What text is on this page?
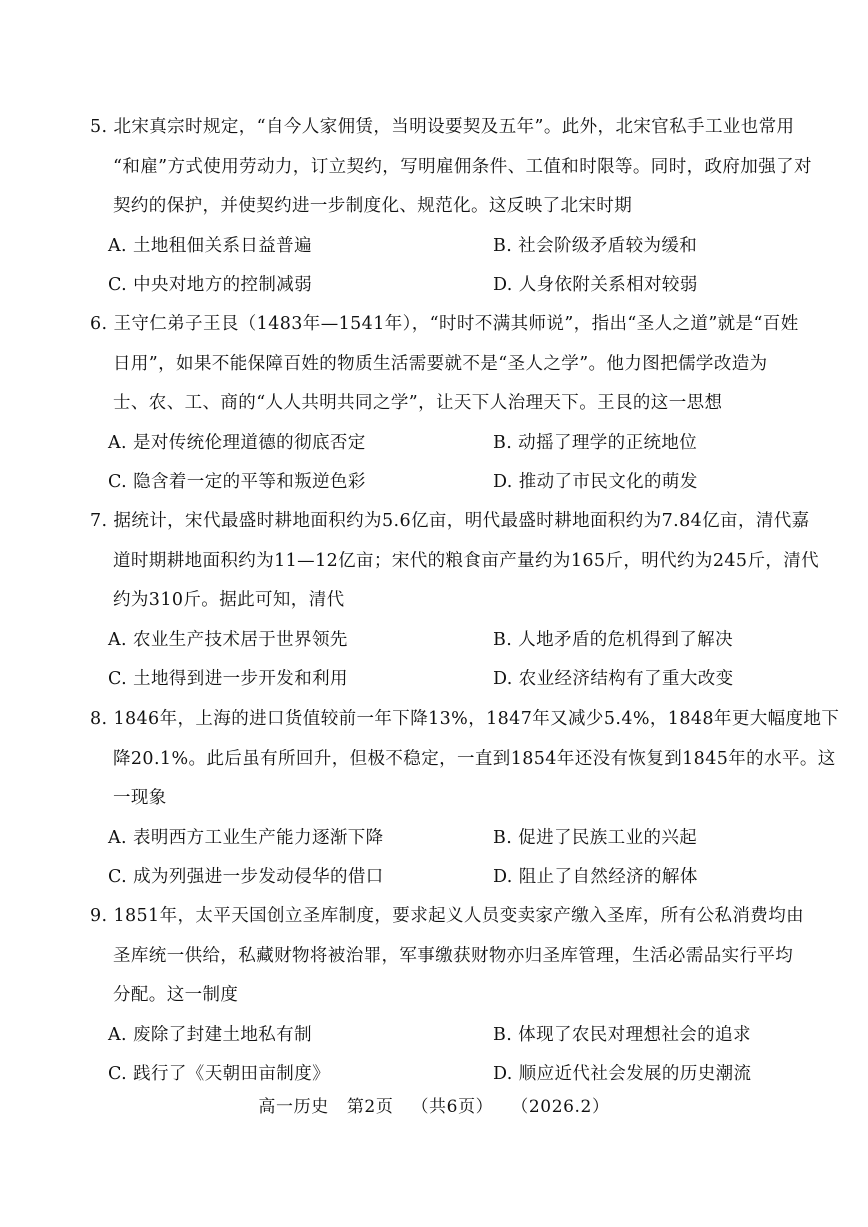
5. 北宋真宗时规定，“自今人家佣赁，当明设要契及五年”。此外，北宋官私手工业也常用
“和雇”方式使用劳动力，订立契约，写明雇佣条件、工值和时限等。同时，政府加强了对
契约的保护，并使契约进一步制度化、规范化。这反映了北宋时期
A. 土地租佃关系日益普遍	B. 社会阶级矛盾较为缓和
C. 中央对地方的控制减弱	D. 人身依附关系相对较弱
6. 王守仁弟子王艮（1483年—1541年），“时时不满其师说”，指出“圣人之道”就是“百姓
日用”，如果不能保障百姓的物质生活需要就不是“圣人之学”。他力图把儒学改造为
士、农、工、商的“人人共明共同之学”，让天下人治理天下。王艮的这一思想
A. 是对传统伦理道德的彻底否定	B. 动摇了理学的正统地位
C. 隐含着一定的平等和叛逆色彩	D. 推动了市民文化的萌发
7. 据统计，宋代最盛时耕地面积约为5.6亿亩，明代最盛时耕地面积约为7.84亿亩，清代嘉
道时期耕地面积约为11—12亿亩；宋代的粮食亩产量约为165斤，明代约为245斤，清代
约为310斤。据此可知，清代
A. 农业生产技术居于世界领先	B. 人地矛盾的危机得到了解决
C. 土地得到进一步开发和利用	D. 农业经济结构有了重大改变
8. 1846年，上海的进口货值较前一年下降13%，1847年又减少5.4%，1848年更大幅度地下
降20.1%。此后虽有所回升，但极不稳定，一直到1854年还没有恢复到1845年的水平。这
一现象
A. 表明西方工业生产能力逐渐下降	B. 促进了民族工业的兴起
C. 成为列强进一步发动侵华的借口	D. 阻止了自然经济的解体
9. 1851年，太平天国创立圣库制度，要求起义人员变卖家产缴入圣库，所有公私消费均由
圣库统一供给，私藏财物将被治罪，军事缴获财物亦归圣库管理，生活必需品实行平均
分配。这一制度
A. 废除了封建土地私有制	B. 体现了农民对理想社会的追求
C. 践行了《天朝田亩制度》	D. 顺应近代社会发展的历史潮流
高一历史   第2页   （共6页）   （2026.2）
